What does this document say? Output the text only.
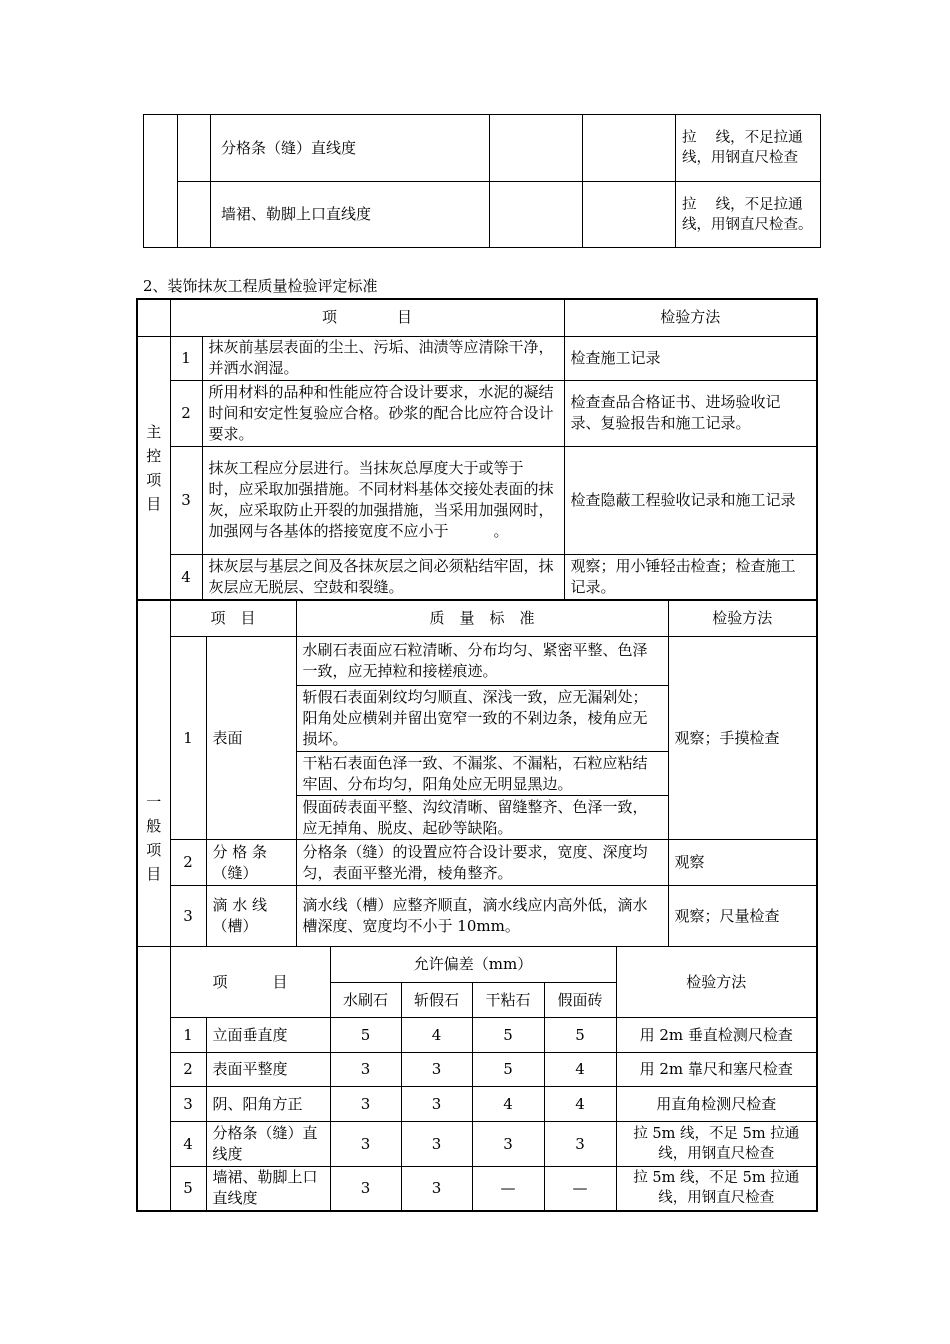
		分格条（缝）直线度			拉　 线，不足拉通线，用钢直尺检查
		墙裙、勒脚上口直线度			拉　 线，不足拉通线，用钢直尺检查。
2、装饰抹灰工程质量检验评定标准
	项　　　　目		检验方法
主控项目	1	抹灰前基层表面的尘土、污垢、油渍等应清除干净，并洒水润湿。	检查施工记录
	2	所用材料的品种和性能应符合设计要求，水泥的凝结时间和安定性复验应合格。砂浆的配合比应符合设计要求。	检查查品合格证书、进场验收记录、复验报告和施工记录。
	3	抹灰工程应分层进行。当抹灰总厚度大于或等于　　　时，应采取加强措施。不同材料基体交接处表面的抹灰，应采取防止开裂的加强措施，当采用加强网时，加强网与各基体的搭接宽度不应小于　　　。	检查隐蔽工程验收记录和施工记录
	4	抹灰层与基层之间及各抹灰层之间必须粘结牢固，抹灰层应无脱层、空鼓和裂缝。	观察；用小锤轻击检查；检查施工记录。
一般项目	项　目		质　量　标　准	检验方法
	1	表面	水刷石表面应石粒清晰、分布均匀、紧密平整、色泽一致，应无掉粒和接槎痕迹。	观察；手摸检查
			斩假石表面剁纹均匀顺直、深浅一致，应无漏剁处；阳角处应横剁并留出宽窄一致的不剁边条，棱角应无损坏。	
			干粘石表面色泽一致、不漏浆、不漏粘，石粒应粘结牢固、分布均匀，阳角处应无明显黑边。	
			假面砖表面平整、沟纹清晰、留缝整齐、色泽一致，应无掉角、脱皮、起砂等缺陷。	
	2	分 格 条（缝）	分格条（缝）的设置应符合设计要求，宽度、深度均匀，表面平整光滑，棱角整齐。	观察
	3	滴 水 线（槽）	滴水线（槽）应整齐顺直，滴水线应内高外低，滴水槽深度、宽度均不小于 10mm。	观察；尺量检查
	项　　　目		允许偏差（mm）				检验方法
			水刷石	斩假石	干粘石	假面砖	
	1	立面垂直度	5	4	5	5	用 2m 垂直检测尺检查
	2	表面平整度	3	3	5	4	用 2m 靠尺和塞尺检查
	3	阴、阳角方正	3	3	4	4	用直角检测尺检查
	4	分格条（缝）直线度	3	3	3	3	拉 5m 线，不足 5m 拉通线，用钢直尺检查
	5	墙裙、勒脚上口直线度	3	3	—	—	拉 5m 线，不足 5m 拉通线，用钢直尺检查
